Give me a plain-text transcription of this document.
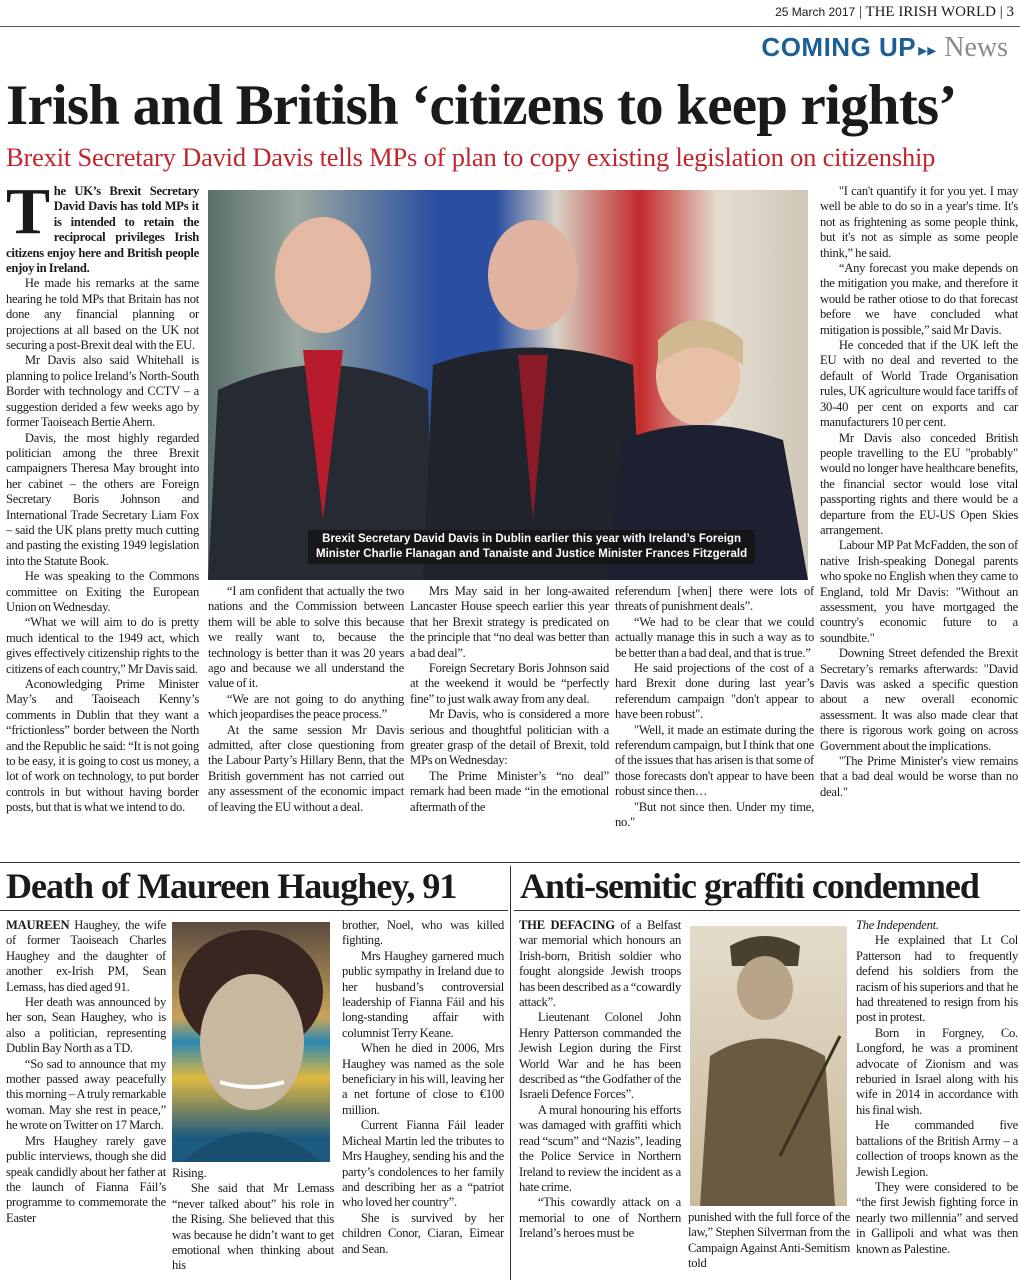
25 March 2017 | THE IRISH WORLD | 3
COMING UP ▸▸ News
Irish and British ‘citizens to keep rights’
Brexit Secretary David Davis tells MPs of plan to copy existing legislation on citizenship

The UK’s Brexit Secretary David Davis has told MPs it is intended to retain the reciprocal privileges Irish citizens enjoy here and British people enjoy in Ireland.

He made his remarks at the same hearing he told MPs that Britain has not done any financial planning or projections at all based on the UK not securing a post-Brexit deal with the EU.

Mr Davis also said Whitehall is planning to police Ireland’s North-South Border with technology and CCTV – a suggestion derided a few weeks ago by former Taoiseach Bertie Ahern.

Davis, the most highly regarded politician among the three Brexit campaigners Theresa May brought into her cabinet – the others are Foreign Secretary Boris Johnson and International Trade Secretary Liam Fox – said the UK plans pretty much cutting and pasting the existing 1949 legislation into the Statute Book.

He was speaking to the Commons committee on Exiting the European Union on Wednesday.

“What we will aim to do is pretty much identical to the 1949 act, which gives effectively citizenship rights to the citizens of each country,” Mr Davis said.

Aconowledging Prime Minister May’s and Taoiseach Kenny’s comments in Dublin that they want a “frictionless” border between the North and the Republic he said: “It is not going to be easy, it is going to cost us money, a lot of work on technology, to put border controls in but without having border posts, but that is what we intend to do.

Brexit Secretary David Davis in Dublin earlier this year with Ireland’s Foreign
Minister Charlie Flanagan and Tanaiste and Justice Minister Frances Fitzgerald

“I am confident that actually the two nations and the Commission between them will be able to solve this because we really want to, because the technology is better than it was 20 years ago and because we all understand the value of it.

“We are not going to do anything which jeopardises the peace process.”

At the same session Mr Davis admitted, after close questioning from the Labour Party’s Hillary Benn, that the British government has not carried out any assessment of the economic impact of leaving the EU without a deal.

Mrs May said in her long-awaited Lancaster House speech earlier this year that her Brexit strategy is predicated on the principle that “no deal was better than a bad deal”.

Foreign Secretary Boris Johnson said at the weekend it would be “perfectly fine” to just walk away from any deal.

Mr Davis, who is considered a more serious and thoughtful politician with a greater grasp of the detail of Brexit, told MPs on Wednesday:

The Prime Minister’s “no deal” remark had been made “in the emotional aftermath of the

referendum [when] there were lots of threats of punishment deals”.

“We had to be clear that we could actually manage this in such a way as to be better than a bad deal, and that is true.”

He said projections of the cost of a hard Brexit done during last year’s referendum campaign "don't appear to have been robust".

"Well, it made an estimate during the referendum campaign, but I think that one of the issues that has arisen is that some of those forecasts don't appear to have been robust since then…

"But not since then. Under my time, no."

"I can't quantify it for you yet. I may well be able to do so in a year's time. It's not as frightening as some people think, but it's not as simple as some people think,” he said.

“Any forecast you make depends on the mitigation you make, and therefore it would be rather otiose to do that forecast before we have concluded what mitigation is possible,” said Mr Davis.

He conceded that if the UK left the EU with no deal and reverted to the default of World Trade Organisation rules, UK agriculture would face tariffs of 30-40 per cent on exports and car manufacturers 10 per cent.

Mr Davis also conceded British people travelling to the EU "probably" would no longer have healthcare benefits, the financial sector would lose vital passporting rights and there would be a departure from the EU-US Open Skies arrangement.

Labour MP Pat McFadden, the son of native Irish-speaking Donegal parents who spoke no English when they came to England, told Mr Davis: "Without an assessment, you have mortgaged the country's economic future to a soundbite."

Downing Street defended the Brexit Secretary’s remarks afterwards: "David Davis was asked a specific question about a new overall economic assessment. It was also made clear that there is rigorous work going on across Government about the implications.

"The Prime Minister's view remains that a bad deal would be worse than no deal."

Death of Maureen Haughey, 91

MAUREEN Haughey, the wife of former Taoiseach Charles Haughey and the daughter of another ex-Irish PM, Sean Lemass, has died aged 91.

Her death was announced by her son, Sean Haughey, who is also a politician, representing Dublin Bay North as a TD.

“So sad to announce that my mother passed away peacefully this morning – A truly remarkable woman. May she rest in peace,” he wrote on Twitter on 17 March.

Mrs Haughey rarely gave public interviews, though she did speak candidly about her father at the launch of Fianna Fáil’s programme to commemorate the Easter

Rising.

She said that Mr Lemass “never talked about” his role in the Rising. She believed that this was because he didn’t want to get emotional when thinking about his

brother, Noel, who was killed fighting.

Mrs Haughey garnered much public sympathy in Ireland due to her husband’s controversial leadership of Fianna Fáil and his long-standing affair with columnist Terry Keane.

When he died in 2006, Mrs Haughey was named as the sole beneficiary in his will, leaving her a net fortune of close to €100 million.

Current Fianna Fáil leader Micheal Martin led the tributes to Mrs Haughey, sending his and the party’s condolences to her family and describing her as a “patriot who loved her country”.

She is survived by her children Conor, Ciaran, Eimear and Sean.

Anti-semitic graffiti condemned

THE DEFACING of a Belfast war memorial which honours an Irish-born, British soldier who fought alongside Jewish troops has been described as a “cowardly attack”.

Lieutenant Colonel John Henry Patterson commanded the Jewish Legion during the First World War and he has been described as “the Godfather of the Israeli Defence Forces”.

A mural honouring his efforts was damaged with graffiti which read “scum” and “Nazis”, leading the Police Service in Northern Ireland to review the incident as a hate crime.

“This cowardly attack on a memorial to one of Northern Ireland’s heroes must be

punished with the full force of the law,” Stephen Silverman from the Campaign Against Anti-Semitism told

The Independent.

He explained that Lt Col Patterson had to frequently defend his soldiers from the racism of his superiors and that he had threatened to resign from his post in protest.

Born in Forgney, Co. Longford, he was a prominent advocate of Zionism and was reburied in Israel along with his wife in 2014 in accordance with his final wish.

He commanded five battalions of the British Army – a collection of troops known as the Jewish Legion.

They were considered to be “the first Jewish fighting force in nearly two millennia” and served in Gallipoli and what was then known as Palestine.
